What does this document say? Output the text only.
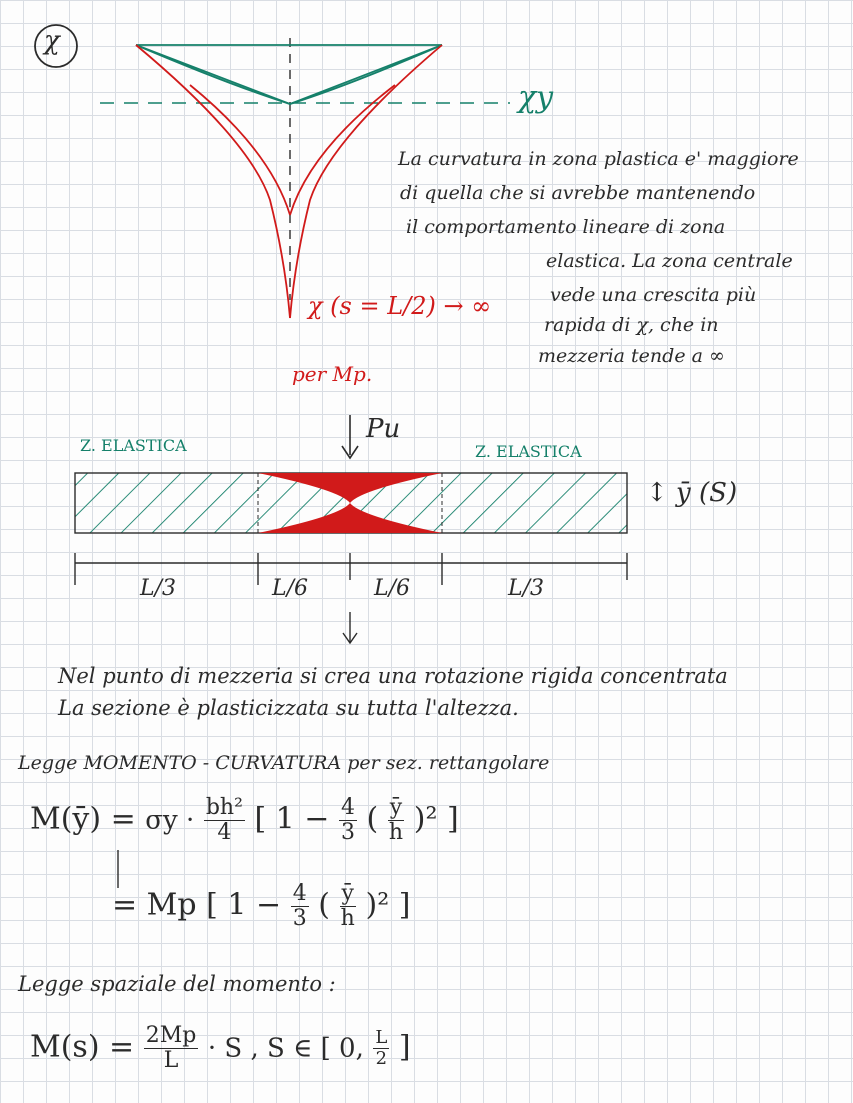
χ
χy
χ (s = L/2) → ∞
per Mp.
La curvatura in zona plastica e' maggiore
di quella che si avrebbe mantenendo
il comportamento lineare di zona
elastica. La zona centrale
vede una crescita più
rapida di χ, che in
mezzeria tende a ∞
Pu
Z. ELASTICA	Z. ELASTICA
↕ ȳ (S)
L/3	L/6	L/6	L/3
Nel punto di mezzeria si crea una rotazione rigida concentrata
La sezione è plasticizzata su tutta l'altezza.
Legge MOMENTO - CURVATURA per sez. rettangolare
M(ȳ) = $\sigma y \cdot \frac{\text{bh²}}{4}$ [ $1 - \frac{4}{3}$ ( $\frac{ȳ}{h} )^2$ ]
= Mp [ $1 - \frac{4}{3}$ ( $\frac{ȳ}{h} )^2$ ]
Legge spaziale del momento :
$M(s) = \frac{2Mp}{L} \cdot S$ , S ∈ [ 0, $\frac{L}{2}$ ]
